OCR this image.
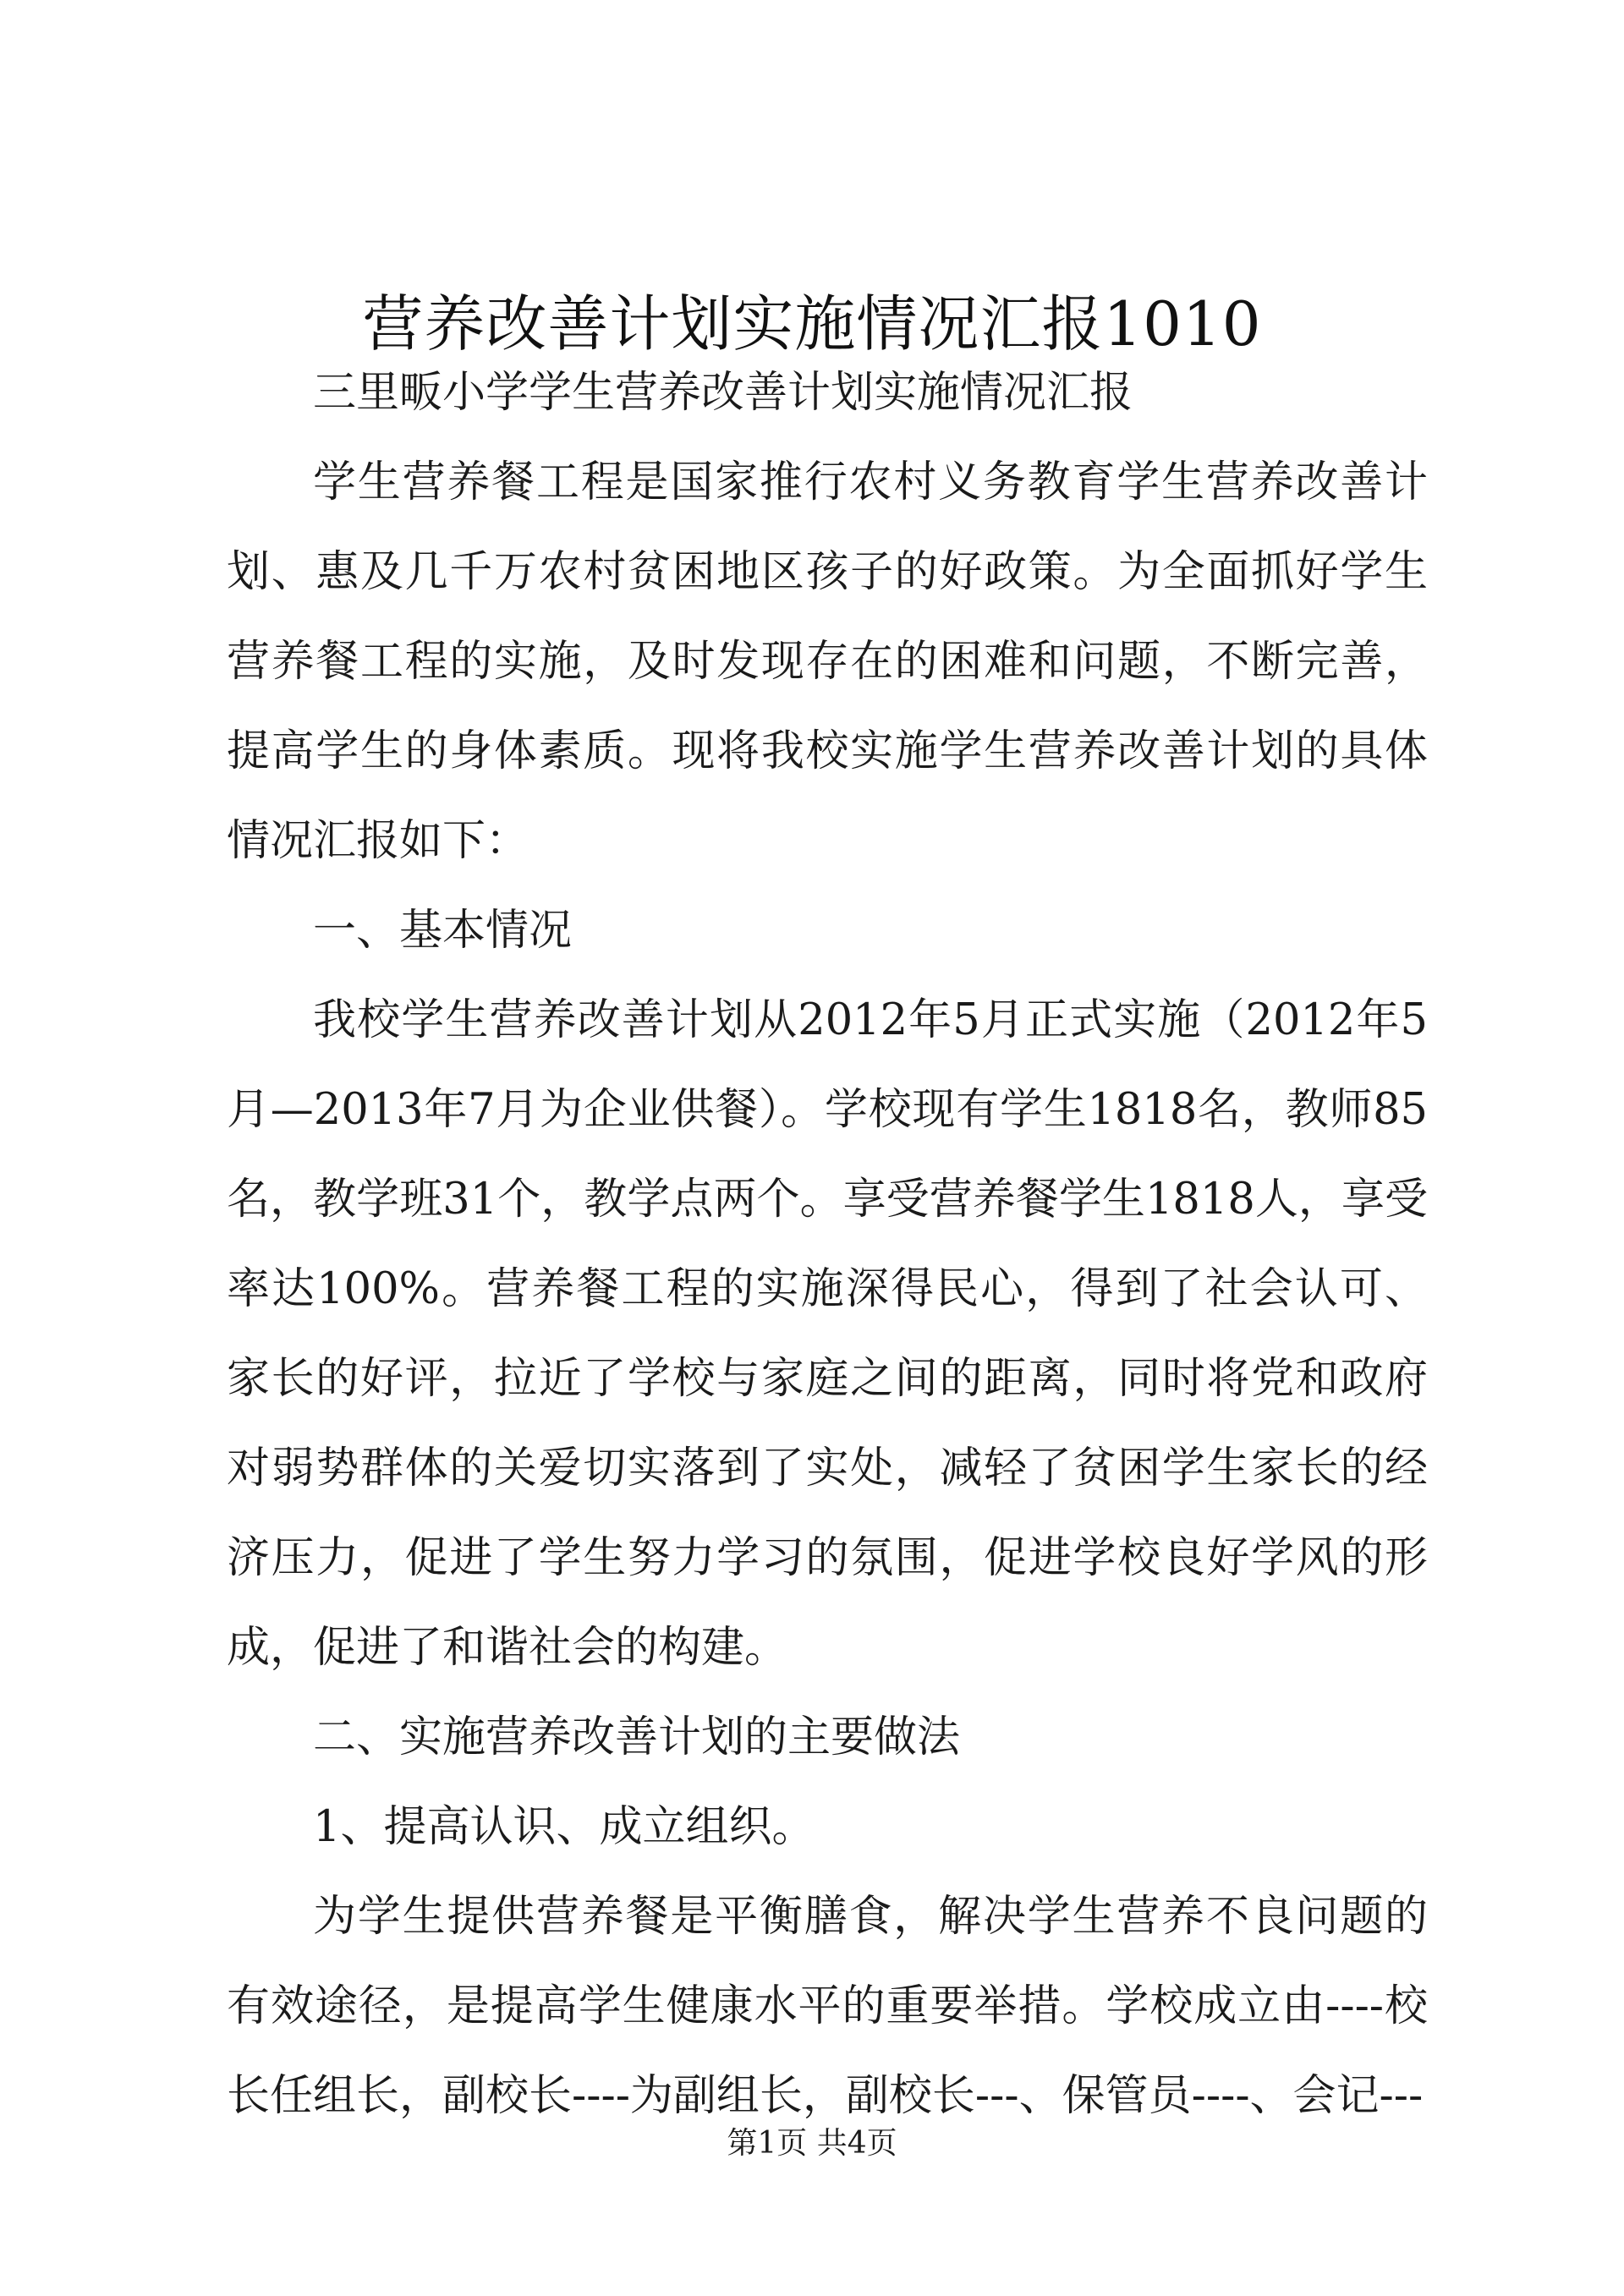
营养改善计划实施情况汇报1010

三里畈小学学生营养改善计划实施情况汇报

学生营养餐工程是国家推行农村义务教育学生营养改善计划、惠及几千万农村贫困地区孩子的好政策。为全面抓好学生营养餐工程的实施，及时发现存在的困难和问题，不断完善，提高学生的身体素质。现将我校实施学生营养改善计划的具体情况汇报如下：

一、基本情况

我校学生营养改善计划从2012年5月正式实施（2012年5月—2013年7月为企业供餐）。学校现有学生1818名，教师85名，教学班31个，教学点两个。享受营养餐学生1818人，享受率达100%。营养餐工程的实施深得民心，得到了社会认可、家长的好评，拉近了学校与家庭之间的距离，同时将党和政府对弱势群体的关爱切实落到了实处，减轻了贫困学生家长的经济压力，促进了学生努力学习的氛围，促进学校良好学风的形成，促进了和谐社会的构建。

二、实施营养改善计划的主要做法

1、提高认识、成立组织。

为学生提供营养餐是平衡膳食，解决学生营养不良问题的有效途径，是提高学生健康水平的重要举措。学校成立由----校长任组长，副校长----为副组长，副校长---、保管员----、会记---

第1页 共4页
